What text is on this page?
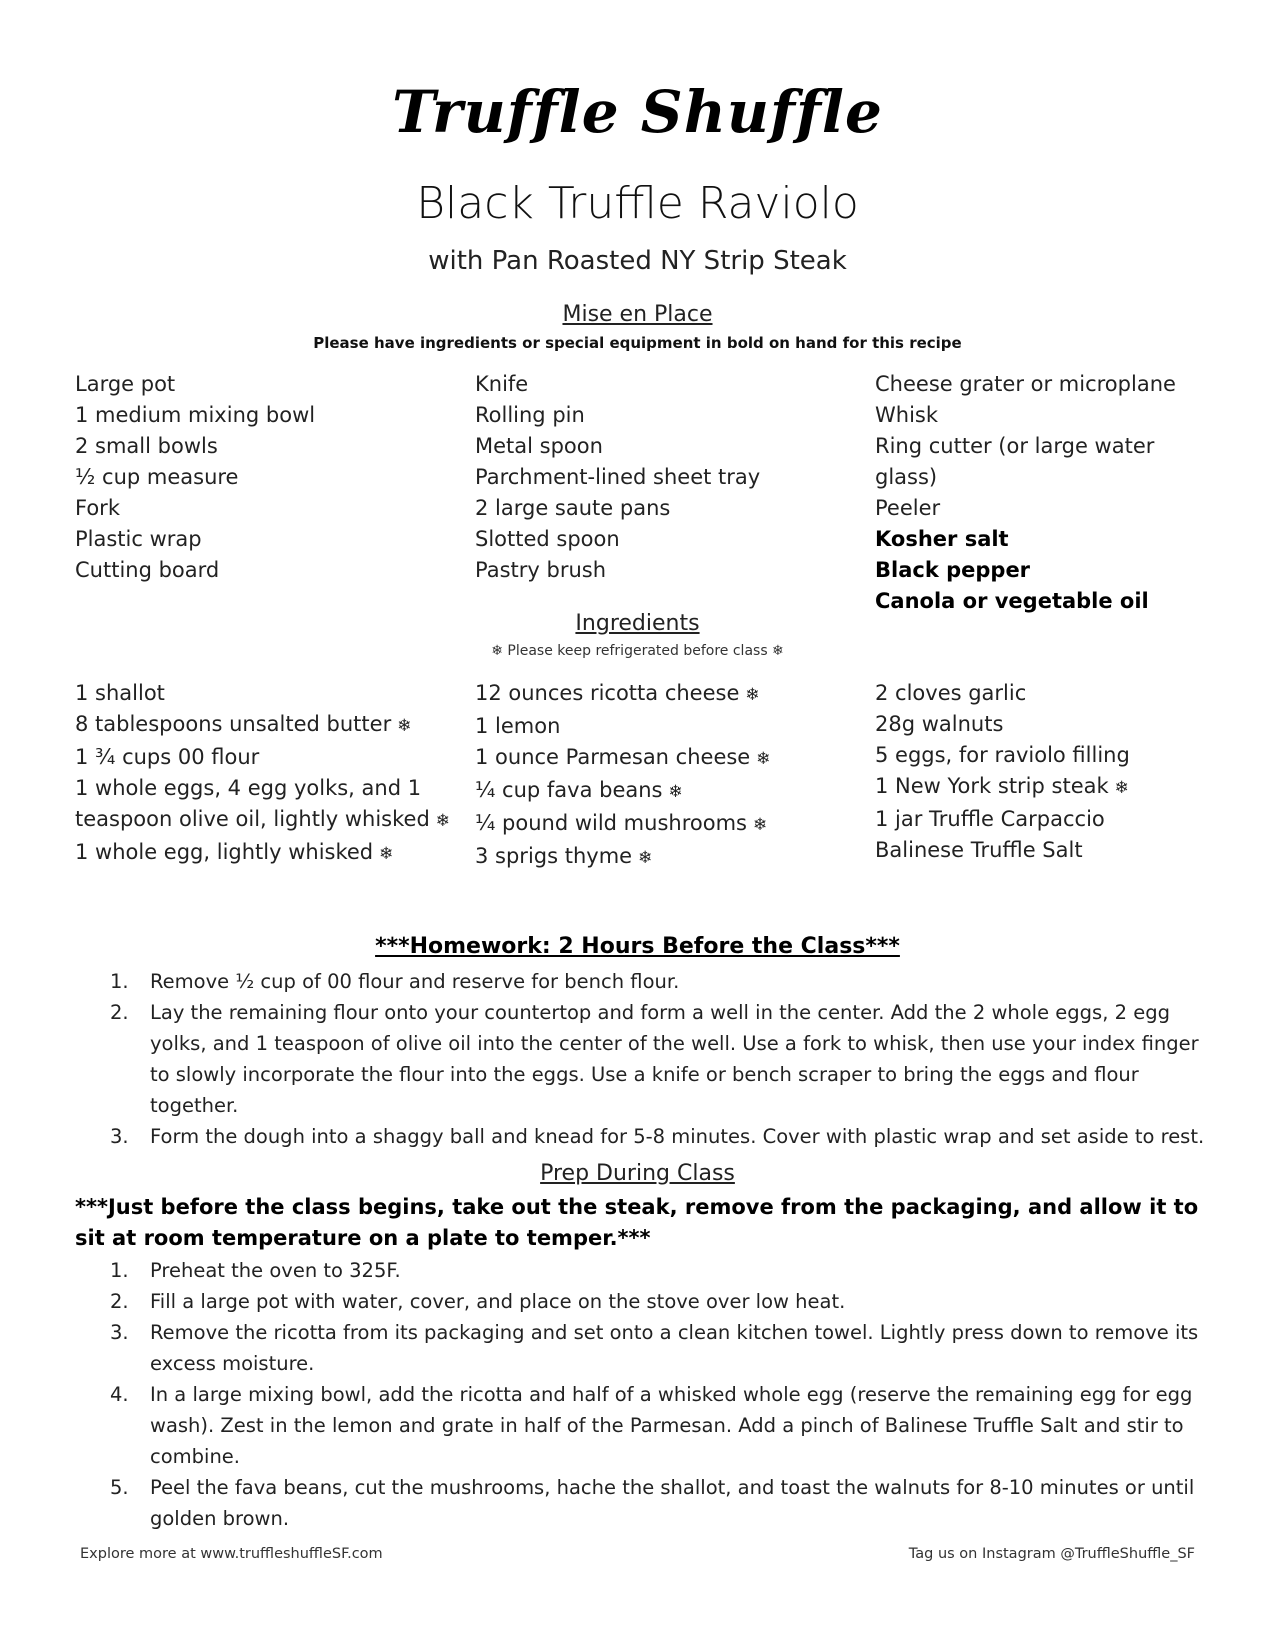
Truffle Shuffle
Black Truffle Raviolo
with Pan Roasted NY Strip Steak
Mise en Place
Please have ingredients or special equipment in bold on hand for this recipe
Large pot
1 medium mixing bowl
2 small bowls
½ cup measure
Fork
Plastic wrap
Cutting board
Knife
Rolling pin
Metal spoon
Parchment-lined sheet tray
2 large saute pans
Slotted spoon
Pastry brush
Cheese grater or microplane
Whisk
Ring cutter (or large water glass)
Peeler
Kosher salt
Black pepper
Canola or vegetable oil
Ingredients
❄ Please keep refrigerated before class ❄
1 shallot
8 tablespoons unsalted butter ❄
1 ¾ cups 00 flour
1 whole eggs, 4 egg yolks, and 1
teaspoon olive oil, lightly whisked ❄
1 whole egg, lightly whisked ❄
12 ounces ricotta cheese ❄
1 lemon
1 ounce Parmesan cheese ❄
¼ cup fava beans ❄
¼ pound wild mushrooms ❄
3 sprigs thyme ❄
2 cloves garlic
28g walnuts
5 eggs, for raviolo filling
1 New York strip steak ❄
1 jar Truffle Carpaccio
Balinese Truffle Salt
***Homework: 2 Hours Before the Class***
1.	Remove ½ cup of 00 flour and reserve for bench flour.
2.	Lay the remaining flour onto your countertop and form a well in the center. Add the 2 whole eggs, 2 egg yolks, and 1 teaspoon of olive oil into the center of the well. Use a fork to whisk, then use your index finger to slowly incorporate the flour into the eggs. Use a knife or bench scraper to bring the eggs and flour together.
3.	Form the dough into a shaggy ball and knead for 5-8 minutes. Cover with plastic wrap and set aside to rest.
Prep During Class
***Just before the class begins, take out the steak, remove from the packaging, and allow it to sit at room temperature on a plate to temper.***
1.	Preheat the oven to 325F.
2.	Fill a large pot with water, cover, and place on the stove over low heat.
3.	Remove the ricotta from its packaging and set onto a clean kitchen towel. Lightly press down to remove its excess moisture.
4.	In a large mixing bowl, add the ricotta and half of a whisked whole egg (reserve the remaining egg for egg wash). Zest in the lemon and grate in half of the Parmesan. Add a pinch of Balinese Truffle Salt and stir to combine.
5.	Peel the fava beans, cut the mushrooms, hache the shallot, and toast the walnuts for 8-10 minutes or until golden brown.
Explore more at www.truffleshuffleSF.com	Tag us on Instagram @TruffleShuffle_SF
